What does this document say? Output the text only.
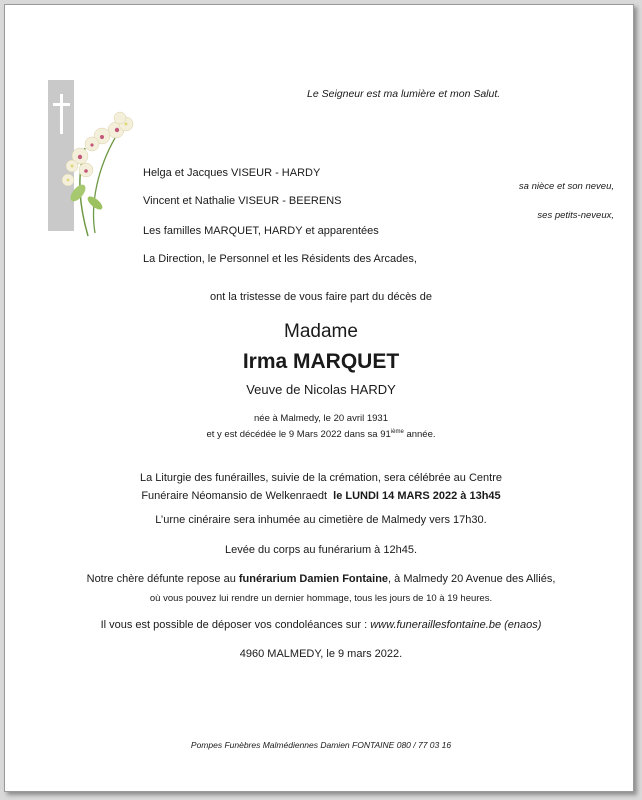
Le Seigneur est ma lumière et mon Salut.
Helga et Jacques VISEUR - HARDY
sa nièce et son neveu,
Vincent et Nathalie VISEUR - BEERENS
ses petits-neveux,
Les familles MARQUET, HARDY et apparentées
La Direction, le Personnel et les Résidents des Arcades,
ont la tristesse de vous faire part du décès de
Madame
Irma MARQUET
Veuve de Nicolas HARDY
née à Malmedy, le 20 avril 1931
et y est décédée le 9 Mars 2022 dans sa 91ième année.
La Liturgie des funérailles, suivie de la crémation, sera célébrée au Centre
Funéraire Néomansio de Welkenraedt le LUNDI 14 MARS 2022 à 13h45
L’urne cinéraire sera inhumée au cimetière de Malmedy vers 17h30.
Levée du corps au funérarium à 12h45.
Notre chère défunte repose au funérarium Damien Fontaine, à Malmedy 20 Avenue des Alliés,
où vous pouvez lui rendre un dernier hommage, tous les jours de 10 à 19 heures.
Il vous est possible de déposer vos condoléances sur : www.funeraillesfontaine.be (enaos)
4960 MALMEDY, le 9 mars 2022.
Pompes Funèbres Malmédiennes Damien FONTAINE 080 / 77 03 16
